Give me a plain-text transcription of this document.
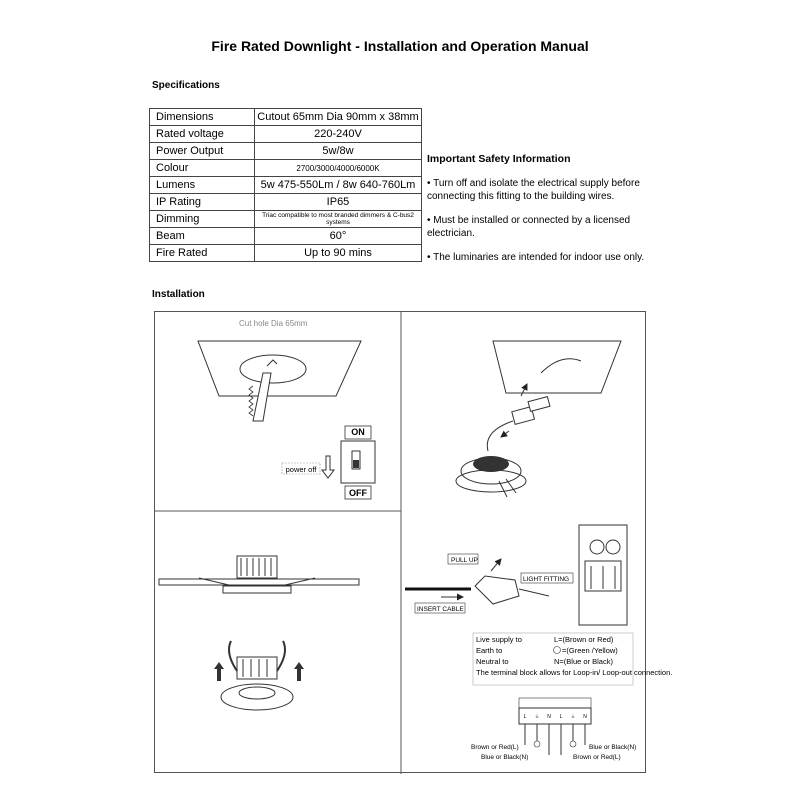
Fire Rated Downlight - Installation and Operation Manual
Specifications
Dimensions	Cutout 65mm Dia 90mm x 38mm
Rated voltage	220-240V
Power Output	5w/8w
Colour	2700/3000/4000/6000K
Lumens	5w 475-550Lm / 8w 640-760Lm
IP Rating	IP65
Dimming	Triac compatible to most branded dimmers & C-bus2 systems
Beam	60°
Fire Rated	Up to 90 mins
Important Safety Information
• Turn off and isolate the electrical supply before connecting this fitting to the building wires.
• Must be installed or connected by a licensed electrician.
• The luminaries are intended for indoor use only.
Installation
Cut hole Dia 65mm
ON
OFF
power off
PULL UP
LIGHT FITTING
INSERT CABLE
Live supply to	L=(Brown or Red)
Earth to	=(Green /Yellow)
Neutral to	N=(Blue or Black)
The terminal block allows for Loop-in/ Loop-out connection.
L ⏚ N L ⏚ N
Brown or Red(L)
Blue or Black(N)
Blue or Black(N)
Brown or Red(L)
